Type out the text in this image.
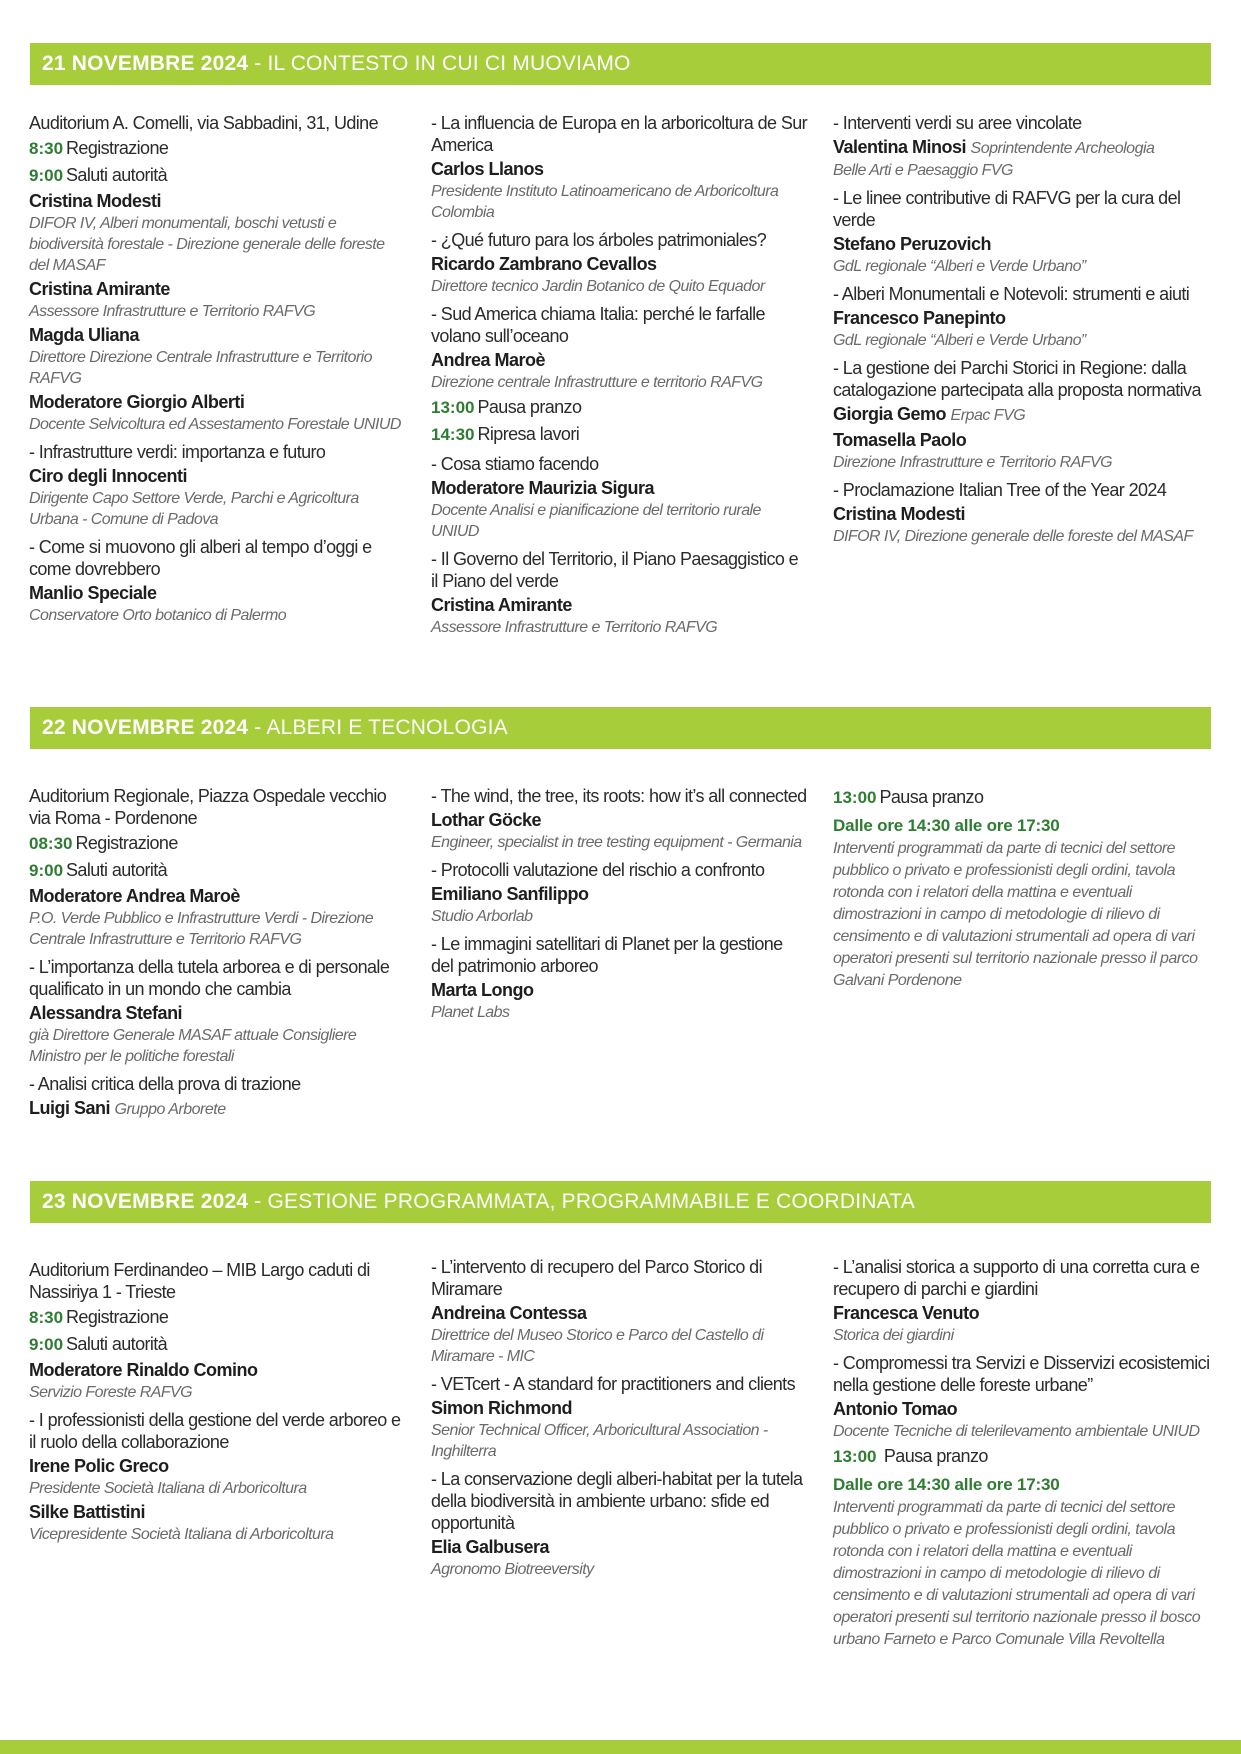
21 NOVEMBRE 2024 - IL CONTESTO IN CUI CI MUOVIAMO

Auditorium A. Comelli, via Sabbadini, 31, Udine

8:30 Registrazione

9:00 Saluti autorità

Cristina Modesti

DIFOR IV, Alberi monumentali, boschi vetusti e biodiversità forestale - Direzione generale delle foreste del MASAF

Cristina Amirante

Assessore Infrastrutture e Territorio RAFVG

Magda Uliana

Direttore Direzione Centrale Infrastrutture e Territorio RAFVG

Moderatore Giorgio Alberti

Docente Selvicoltura ed Assestamento Forestale UNIUD

- Infrastrutture verdi: importanza e futuro

Ciro degli Innocenti

Dirigente Capo Settore Verde, Parchi e Agricoltura Urbana - Comune di Padova

- Come si muovono gli alberi al tempo d’oggi e come dovrebbero

Manlio Speciale

Conservatore Orto botanico di Palermo

- La influencia de Europa en la arboricoltura de Sur America

Carlos Llanos

Presidente Instituto Latinoamericano de Arboricoltura Colombia

- ¿Qué futuro para los árboles patrimoniales?

Ricardo Zambrano Cevallos

Direttore tecnico Jardin Botanico de Quito Equador

- Sud America chiama Italia: perché le farfalle volano sull’oceano

Andrea Maroè

Direzione centrale Infrastrutture e territorio RAFVG

13:00 Pausa pranzo

14:30 Ripresa lavori

- Cosa stiamo facendo

Moderatore Maurizia Sigura

Docente Analisi e pianificazione del territorio rurale UNIUD

- Il Governo del Territorio, il Piano Paesaggistico e il Piano del verde

Cristina Amirante

Assessore Infrastrutture e Territorio RAFVG

- Interventi verdi su aree vincolate

Valentina Minosi Soprintendente Archeologia

Belle Arti e Paesaggio FVG

- Le linee contributive di RAFVG per la cura del verde

Stefano Peruzovich

GdL regionale “Alberi e Verde Urbano”

- Alberi Monumentali e Notevoli: strumenti e aiuti

Francesco Panepinto

GdL regionale “Alberi e Verde Urbano”

- La gestione dei Parchi Storici in Regione: dalla catalogazione partecipata alla proposta normativa

Giorgia Gemo Erpac FVG

Tomasella Paolo

Direzione Infrastrutture e Territorio RAFVG

- Proclamazione Italian Tree of the Year 2024

Cristina Modesti

DIFOR IV, Direzione generale delle foreste del MASAF

22 NOVEMBRE 2024 - ALBERI E TECNOLOGIA

Auditorium Regionale, Piazza Ospedale vecchio via Roma - Pordenone

08:30 Registrazione

9:00 Saluti autorità

Moderatore Andrea Maroè

P.O. Verde Pubblico e Infrastrutture Verdi - Direzione Centrale Infrastrutture e Territorio RAFVG

- L’importanza della tutela arborea e di personale qualificato in un mondo che cambia

Alessandra Stefani

già Direttore Generale MASAF attuale Consigliere Ministro per le politiche forestali

- Analisi critica della prova di trazione

Luigi Sani Gruppo Arborete

- The wind, the tree, its roots: how it’s all connected

Lothar Göcke

Engineer, specialist in tree testing equipment - Germania

- Protocolli valutazione del rischio a confronto

Emiliano Sanfilippo

Studio Arborlab

- Le immagini satellitari di Planet per la gestione del patrimonio arboreo

Marta Longo

Planet Labs

13:00 Pausa pranzo

Dalle ore 14:30 alle ore 17:30

Interventi programmati da parte di tecnici del settore pubblico o privato e professionisti degli ordini, tavola rotonda con i relatori della mattina e eventuali dimostrazioni in campo di metodologie di rilievo di censimento e di valutazioni strumentali ad opera di vari operatori presenti sul territorio nazionale presso il parco Galvani Pordenone

23 NOVEMBRE 2024 - GESTIONE PROGRAMMATA, PROGRAMMABILE E COORDINATA

Auditorium Ferdinandeo – MIB Largo caduti di Nassiriya 1 - Trieste

8:30 Registrazione

9:00 Saluti autorità

Moderatore Rinaldo Comino

Servizio Foreste RAFVG

- I professionisti della gestione del verde arboreo e il ruolo della collaborazione

Irene Polic Greco

Presidente Società Italiana di Arboricoltura

Silke Battistini

Vicepresidente Società Italiana di Arboricoltura

- L’intervento di recupero del Parco Storico di Miramare

Andreina Contessa

Direttrice del Museo Storico e Parco del Castello di Miramare - MIC

- VETcert - A standard for practitioners and clients

Simon Richmond

Senior Technical Officer, Arboricultural Association - Inghilterra

- La conservazione degli alberi-habitat per la tutela della biodiversità in ambiente urbano: sfide ed opportunità

Elia Galbusera

Agronomo Biotreeversity

- L’analisi storica a supporto di una corretta cura e recupero di parchi e giardini

Francesca Venuto

Storica dei giardini

- Compromessi tra Servizi e Disservizi ecosistemici nella gestione delle foreste urbane”

Antonio Tomao

Docente Tecniche di telerilevamento ambientale UNIUD

13:00 Pausa pranzo

Dalle ore 14:30 alle ore 17:30

Interventi programmati da parte di tecnici del settore pubblico o privato e professionisti degli ordini, tavola rotonda con i relatori della mattina e eventuali dimostrazioni in campo di metodologie di rilievo di censimento e di valutazioni strumentali ad opera di vari operatori presenti sul territorio nazionale presso il bosco urbano Farneto e Parco Comunale Villa Revoltella
